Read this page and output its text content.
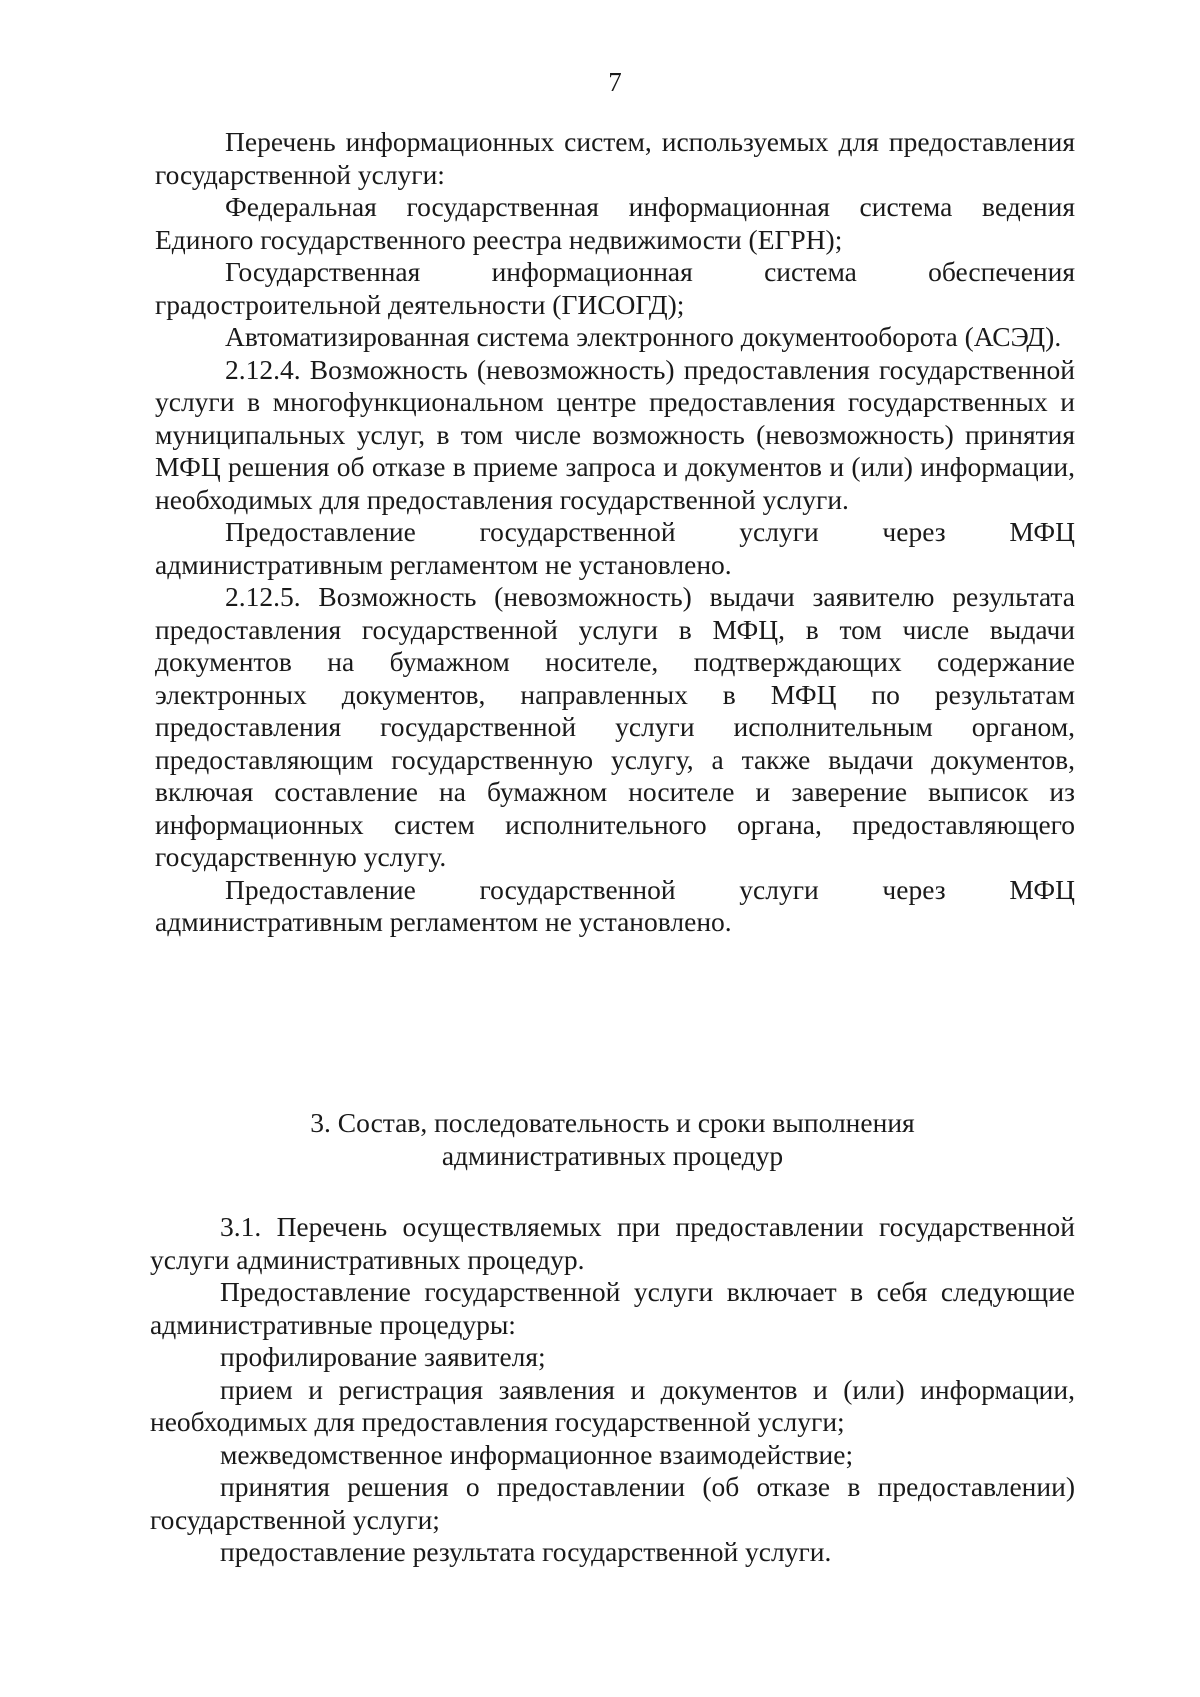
7

Перечень информационных систем, используемых для предоставления государственной услуги:

Федеральная государственная информационная система ведения Единого государственного реестра недвижимости (ЕГРН);

Государственная информационная система обеспечения градостроительной деятельности (ГИСОГД);

Автоматизированная система электронного документооборота (АСЭД).

2.12.4. Возможность (невозможность) предоставления государственной услуги в многофункциональном центре предоставления государственных и муниципальных услуг, в том числе возможность (невозможность) принятия МФЦ решения об отказе в приеме запроса и документов и (или) информации, необходимых для предоставления государственной услуги.

Предоставление государственной услуги через МФЦ административным регламентом не установлено.

2.12.5. Возможность (невозможность) выдачи заявителю результата предоставления государственной услуги в МФЦ, в том числе выдачи документов на бумажном носителе, подтверждающих содержание электронных документов, направленных в МФЦ по результатам предоставления государственной услуги исполнительным органом, предоставляющим государственную услугу, а также выдачи документов, включая составление на бумажном носителе и заверение выписок из информационных систем исполнительного органа, предоставляющего государственную услугу.

Предоставление государственной услуги через МФЦ административным регламентом не установлено.

3. Состав, последовательность и сроки выполнения
административных процедур

3.1. Перечень осуществляемых при предоставлении государственной услуги административных процедур.

Предоставление государственной услуги включает в себя следующие административные процедуры:

профилирование заявителя;

прием и регистрация заявления и документов и (или) информации, необходимых для предоставления государственной услуги;

межведомственное информационное взаимодействие;

принятия решения о предоставлении (об отказе в предоставлении) государственной услуги;

предоставление результата государственной услуги.
